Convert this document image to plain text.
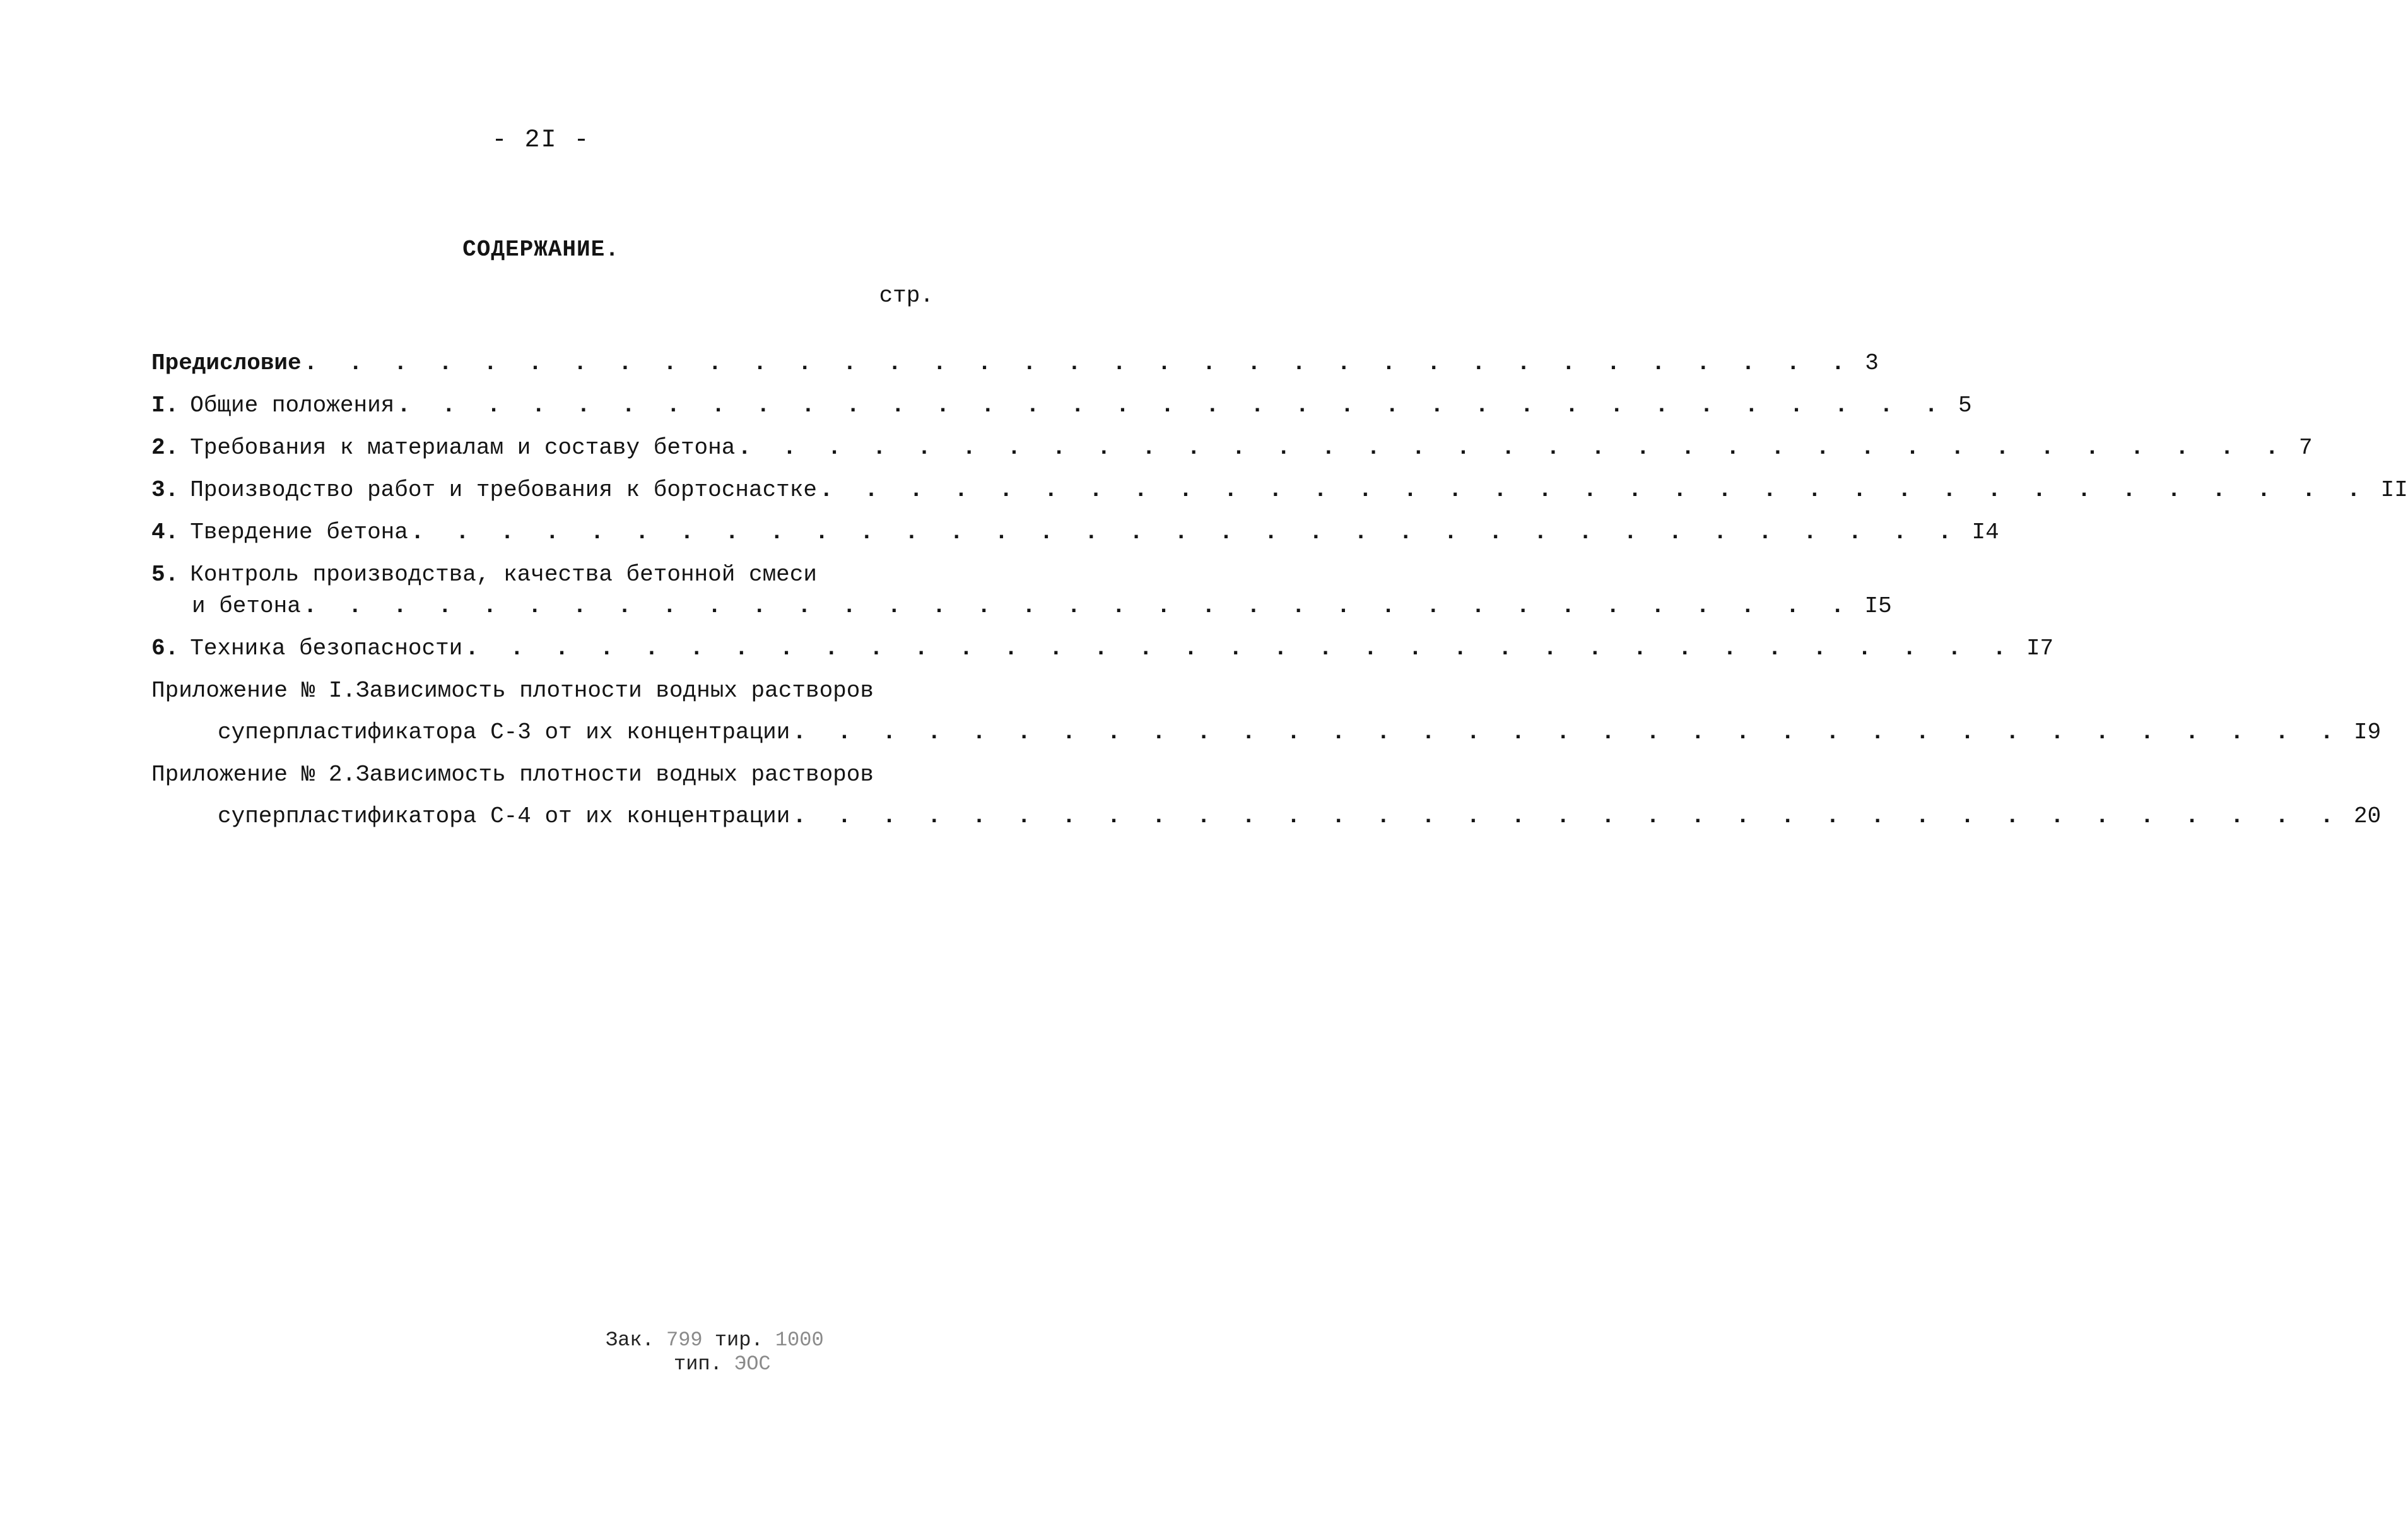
- 2I -
СОДЕРЖАНИЕ.
стр.
Предисловие . . . . . . . . . . . . . . . . . . . . . . . . . . . . . . . . . . . 3
I. Общие положения . . . . . . . . . . . . . . . . . . . . . . . . . . . . . . . . . . . 5
2. Требования к материалам и составу бетона . . . . . . . . . . . . . . . . . . . . . . . . . . . . . . . . . . . 7
3. Производство работ и требования к бортоснастке . . . . . . . . . . . . . . . . . . . . . . . . . . . . . . . . . . . II
4. Твердение бетона . . . . . . . . . . . . . . . . . . . . . . . . . . . . . . . . . . . I4
5. Контроль производства, качества бетонной смеси
и бетона . . . . . . . . . . . . . . . . . . . . . . . . . . . . . . . . . . . I5
6. Техника безопасности . . . . . . . . . . . . . . . . . . . . . . . . . . . . . . . . . . . I7
Приложение № I.Зависимость плотности водных растворов
суперпластификатора С-3 от их концентрации . . . . . . . . . . . . . . . . . . . . . . . . . . . . . . . . . . . I9
Приложение № 2.Зависимость плотности водных растворов
суперпластификатора С-4 от их концентрации . . . . . . . . . . . . . . . . . . . . . . . . . . . . . . . . . . . 20
Зак. 799 тир. 1000
тип. ЭОС
